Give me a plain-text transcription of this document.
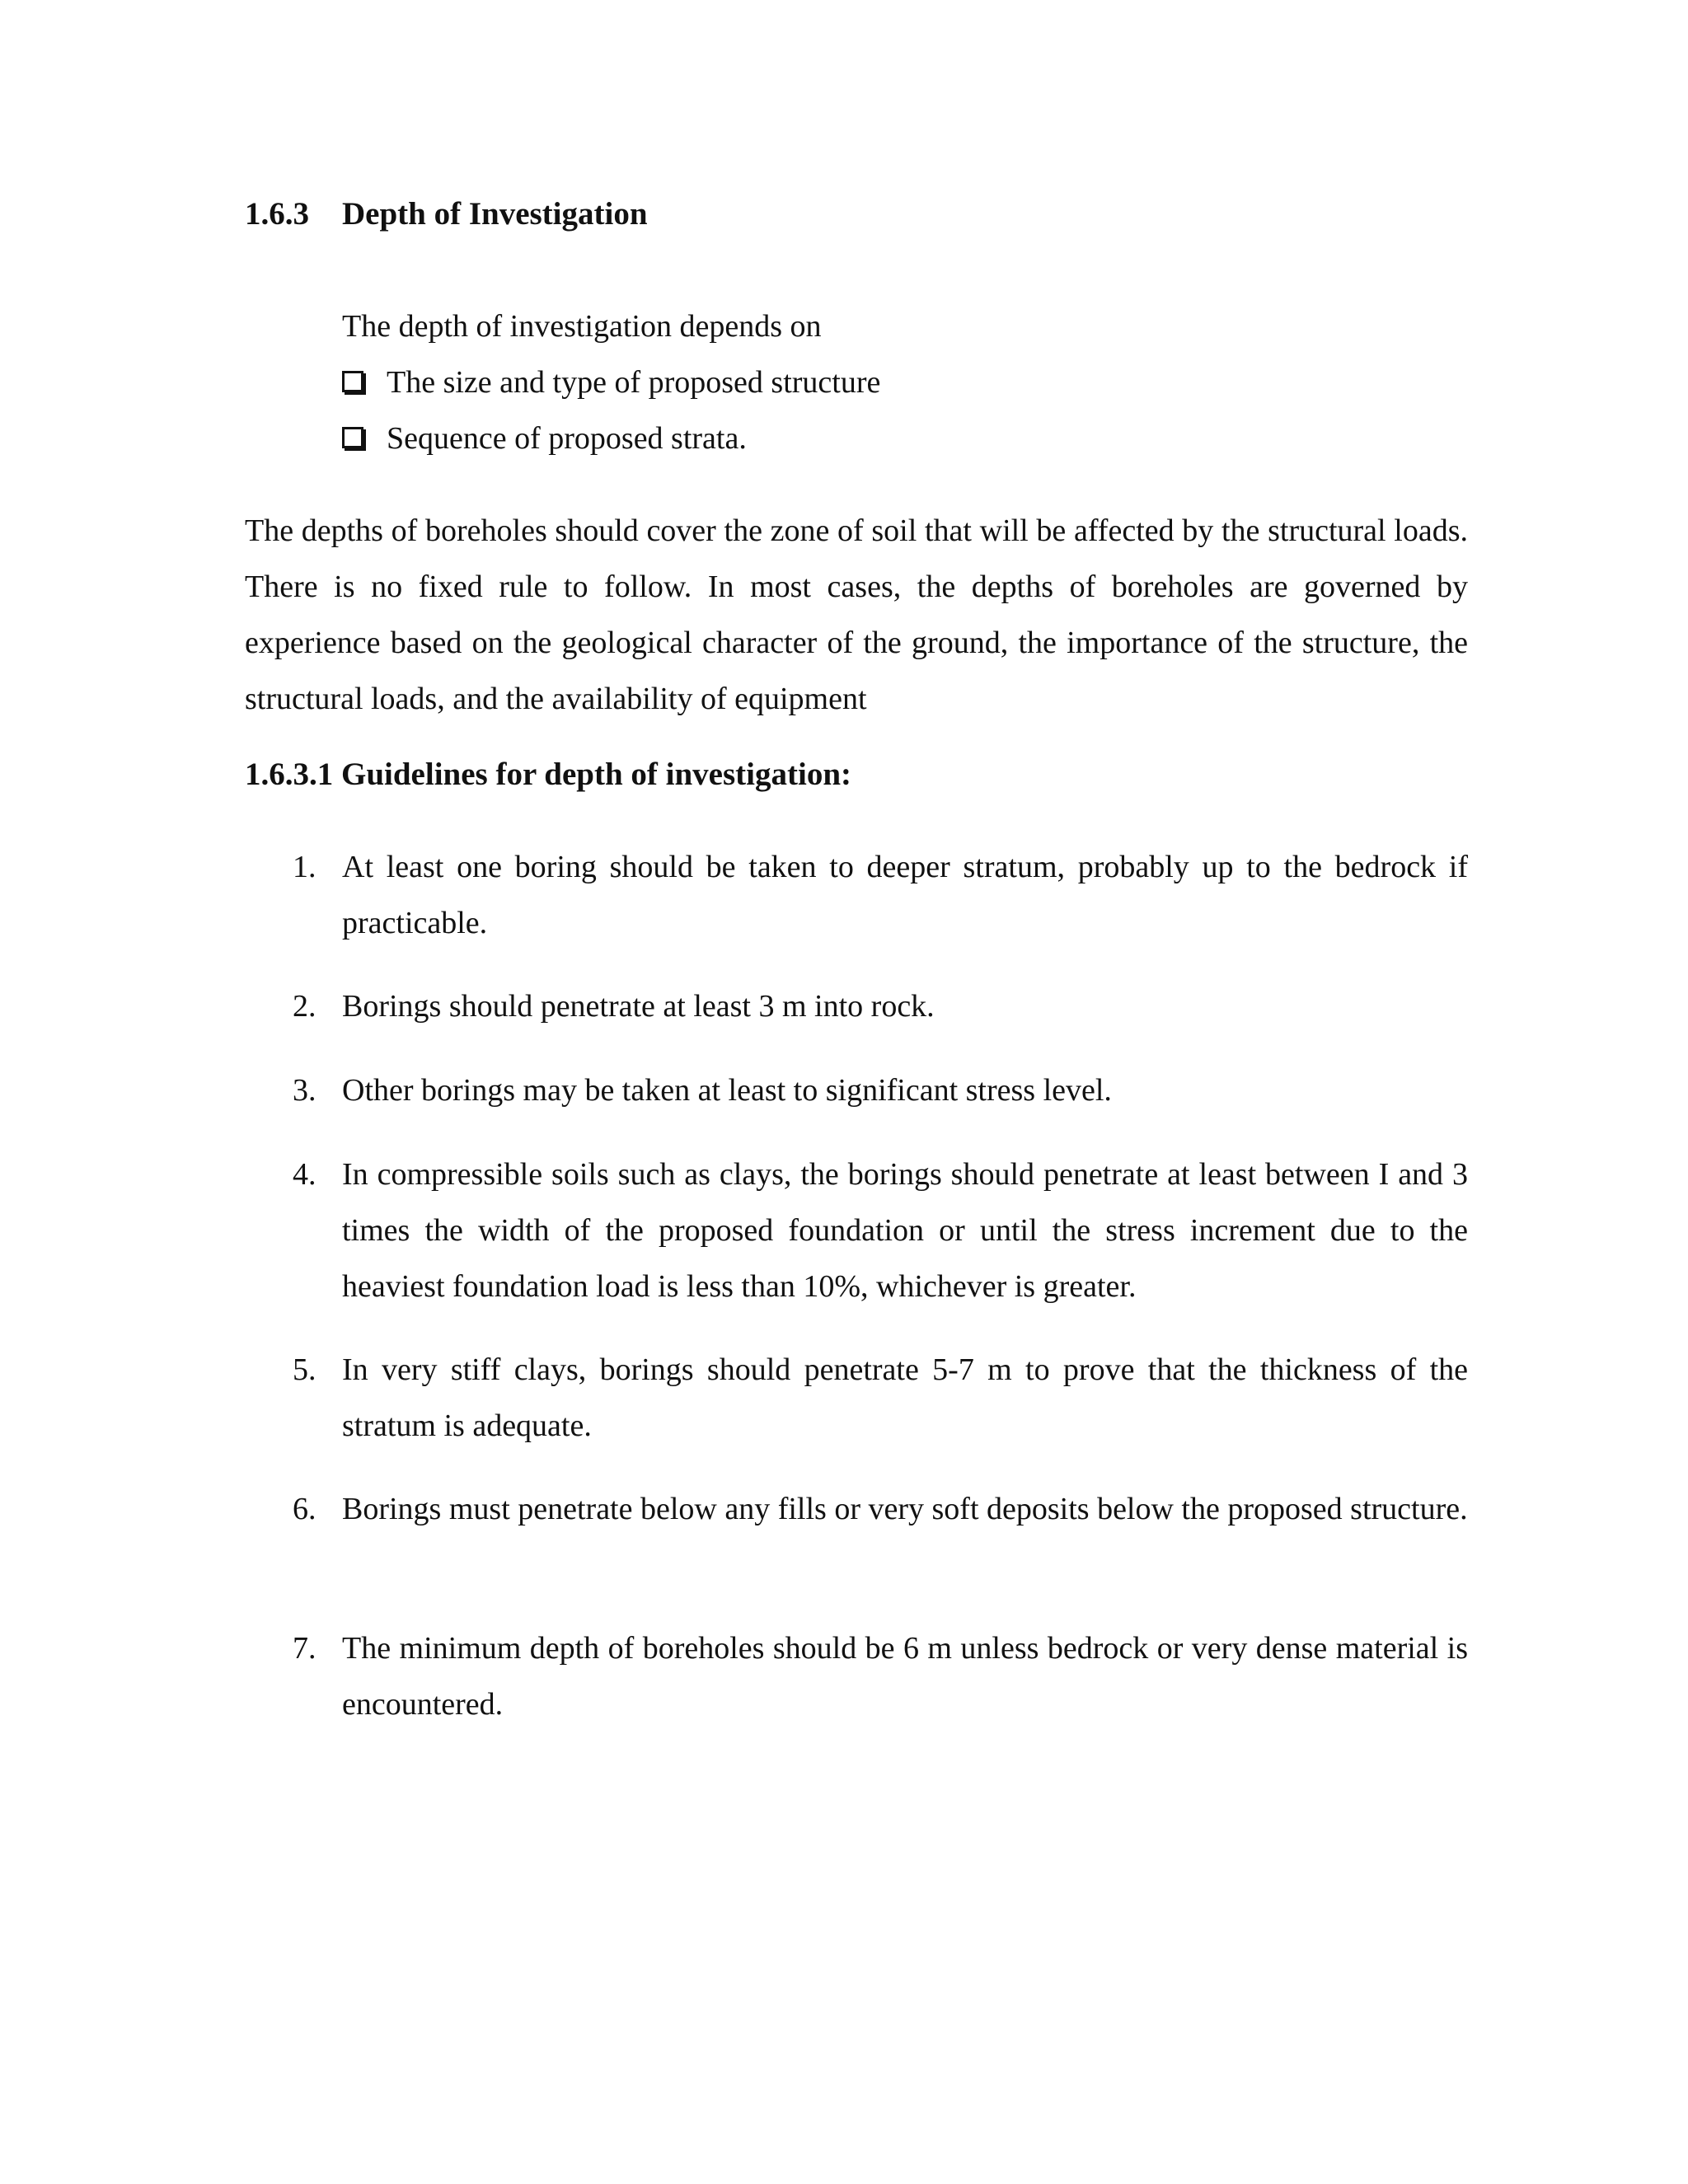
1.6.3 Depth of Investigation
The depth of investigation depends on
The size and type of proposed structure
Sequence of proposed strata.

The depths of boreholes should cover the zone of soil that will be affected by the structural loads. There is no fixed rule to follow. In most cases, the depths of boreholes are governed by experience based on the geological character of the ground, the importance of the structure, the structural loads, and the availability of equipment

1.6.3.1 Guidelines for depth of investigation:
1. At least one boring should be taken to deeper stratum, probably up to the bedrock if practicable.
2. Borings should penetrate at least 3 m into rock.
3. Other borings may be taken at least to significant stress level.
4. In compressible soils such as clays, the borings should penetrate at least between I and 3 times the width of the proposed foundation or until the stress increment due to the heaviest foundation load is less than 10%, whichever is greater.
5. In very stiff clays, borings should penetrate 5-7 m to prove that the thickness of the stratum is adequate.
6. Borings must penetrate below any fills or very soft deposits below the proposed structure.
7. The minimum depth of boreholes should be 6 m unless bedrock or very dense material is encountered.
